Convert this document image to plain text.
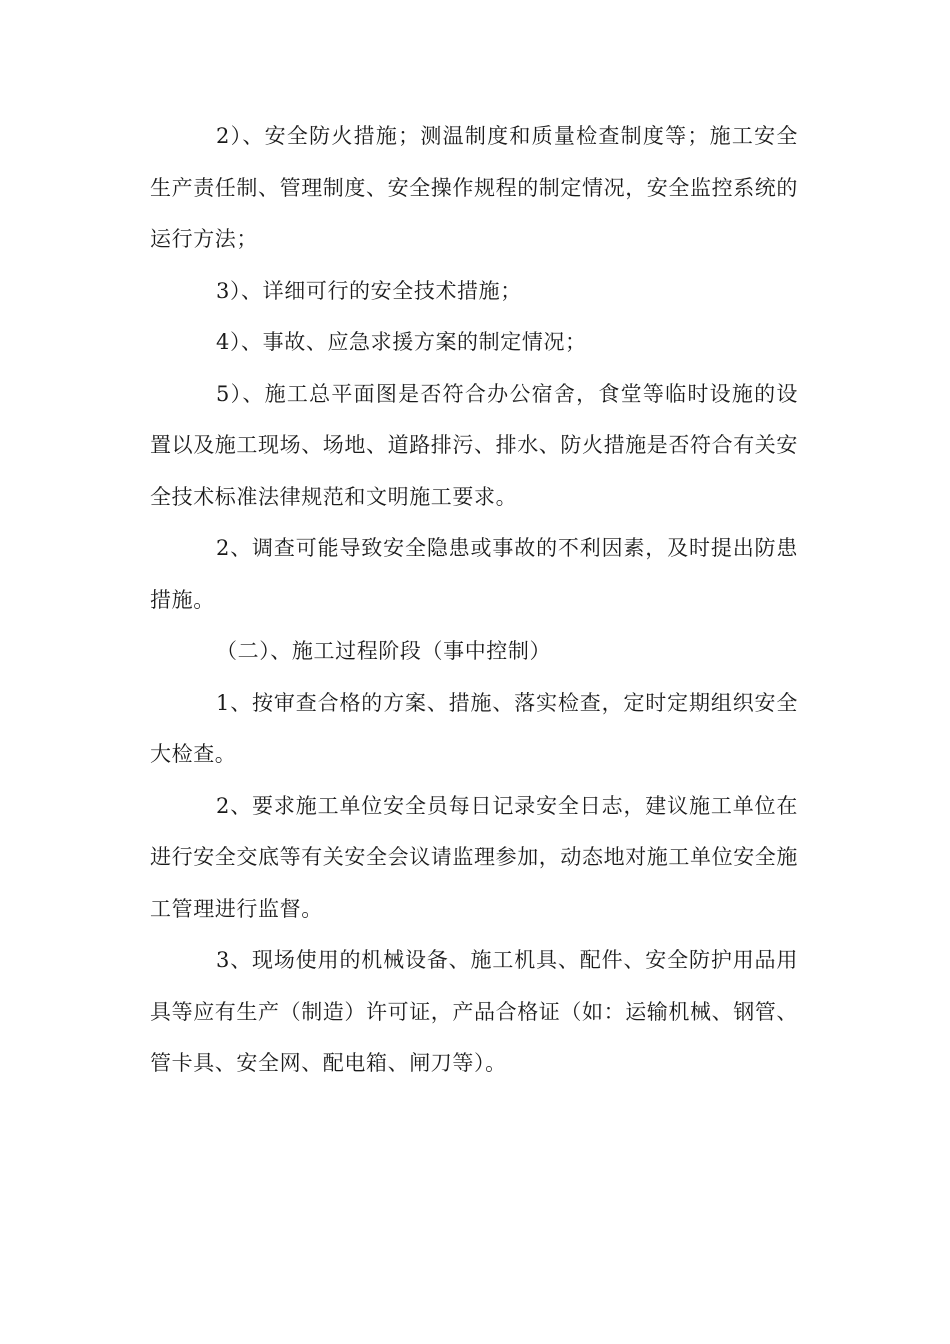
2）、安全防火措施；测温制度和质量检查制度等；施工安全生产责任制、管理制度、安全操作规程的制定情况，安全监控系统的运行方法；

3）、详细可行的安全技术措施；

4）、事故、应急求援方案的制定情况；

5）、施工总平面图是否符合办公宿舍，食堂等临时设施的设置以及施工现场、场地、道路排污、排水、防火措施是否符合有关安全技术标准法律规范和文明施工要求。

2、调查可能导致安全隐患或事故的不利因素，及时提出防患措施。

（二）、施工过程阶段（事中控制）

1、按审查合格的方案、措施、落实检查，定时定期组织安全大检查。

2、要求施工单位安全员每日记录安全日志，建议施工单位在进行安全交底等有关安全会议请监理参加，动态地对施工单位安全施工管理进行监督。

3、现场使用的机械设备、施工机具、配件、安全防护用品用具等应有生产（制造）许可证，产品合格证（如：运输机械、钢管、管卡具、安全网、配电箱、闸刀等）。
